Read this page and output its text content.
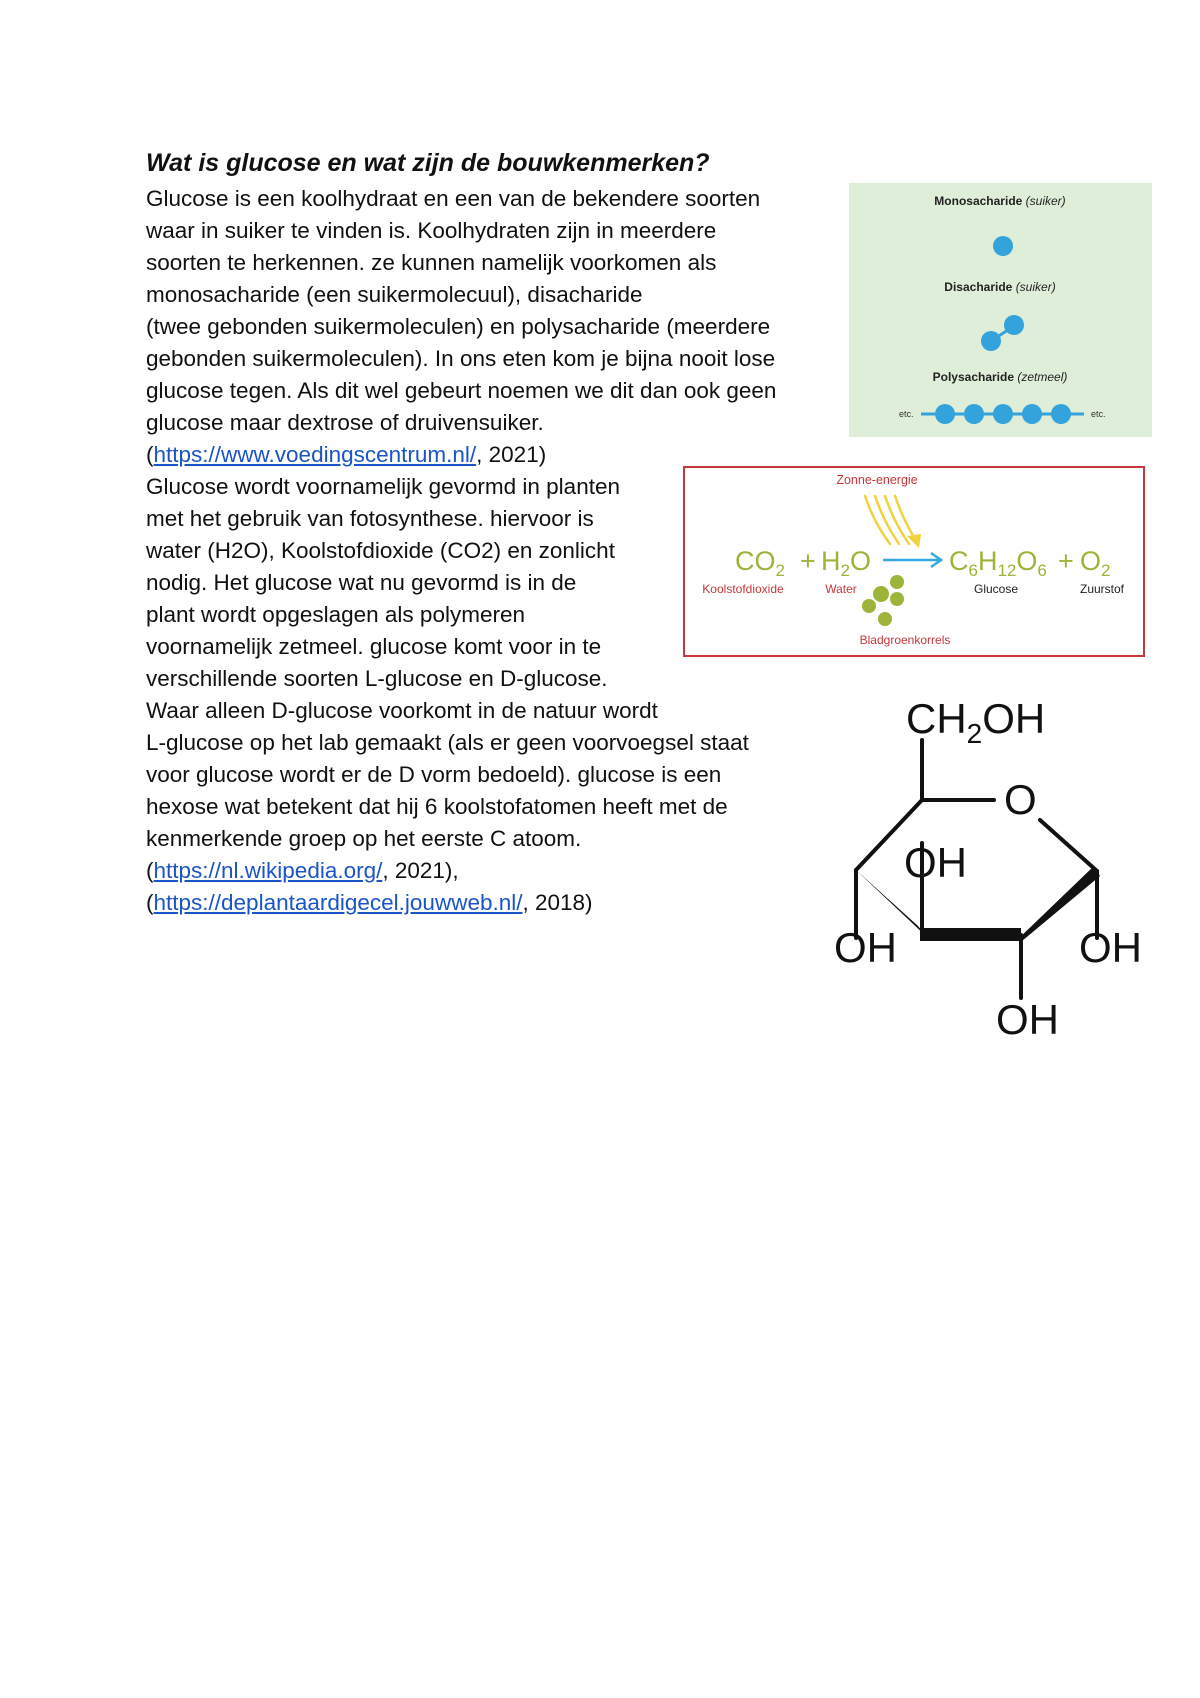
Wat is glucose en wat zijn de bouwkenmerken?

Glucose is een koolhydraat en een van de bekendere soorten

waar in suiker te vinden is. Koolhydraten zijn in meerdere

soorten te herkennen. ze kunnen namelijk voorkomen als

monosacharide (een suikermolecuul), disacharide

(twee gebonden suikermoleculen) en polysacharide (meerdere

gebonden suikermoleculen). In ons eten kom je bijna nooit lose

glucose tegen. Als dit wel gebeurt noemen we dit dan ook geen

glucose maar dextrose of druivensuiker.

(https://www.voedingscentrum.nl/, 2021)

Glucose wordt voornamelijk gevormd in planten

met het gebruik van fotosynthese. hiervoor is

water (H2O), Koolstofdioxide (CO2) en zonlicht

nodig. Het glucose wat nu gevormd is in de

plant wordt opgeslagen als polymeren

voornamelijk zetmeel. glucose komt voor in te

verschillende soorten L-glucose en D-glucose.

Waar alleen D-glucose voorkomt in de natuur wordt

L-glucose op het lab gemaakt (als er geen voorvoegsel staat

voor glucose wordt er de D vorm bedoeld). glucose is een

hexose wat betekent dat hij 6 koolstofatomen heeft met de

kenmerkende groep op het eerste C atoom.

(https://nl.wikipedia.org/, 2021),

(https://deplantaardigecel.jouwweb.nl/, 2018)

Monosacharide (suiker)
Disacharide (suiker)
Polysacharide (zetmeel)
etc.	etc.
Zonne-energie
$CO_2 + H_2O$	$C_6H_{12}O_6 + O_2$
Koolstofdioxide	Water	Glucose	Zuurstof
Bladgroenkorrels
$CH_2OH$
O
OH
OH	OH
OH
